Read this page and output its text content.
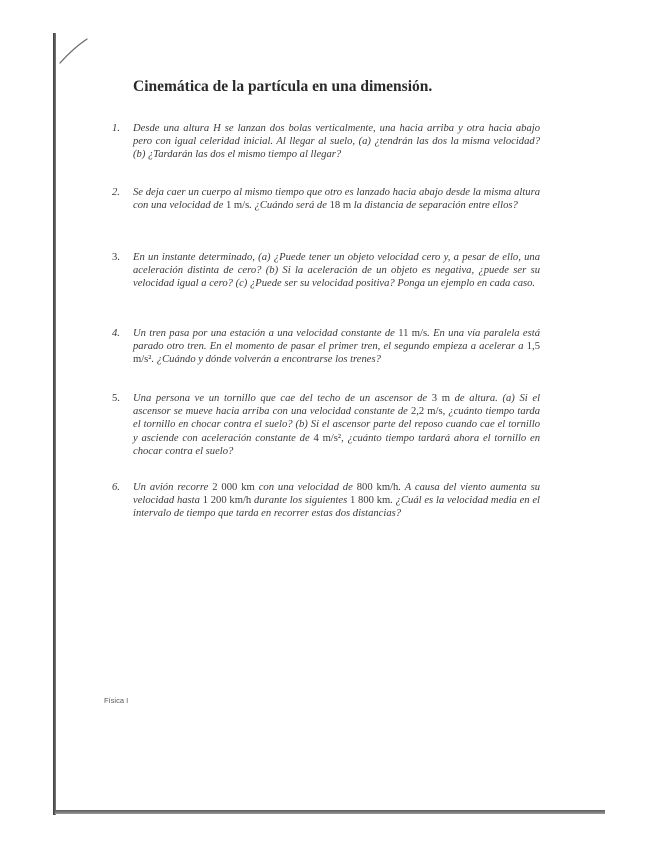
Cinemática de la partícula en una dimensión.
1.	Desde una altura H se lanzan dos bolas verticalmente, una hacia arriba y otra hacia abajo pero con igual celeridad inicial. Al llegar al suelo, (a) ¿tendrán las dos la misma velocidad? (b) ¿Tardarán las dos el mismo tiempo al llegar?
2.	Se deja caer un cuerpo al mismo tiempo que otro es lanzado hacia abajo desde la misma altura con una velocidad de 1 m/s. ¿Cuándo será de 18 m la distancia de separación entre ellos?
3.	En un instante determinado, (a) ¿Puede tener un objeto velocidad cero y, a pesar de ello, una aceleración distinta de cero? (b) Si la aceleración de un objeto es negativa, ¿puede ser su velocidad igual a cero? (c) ¿Puede ser su velocidad positiva? Ponga un ejemplo en cada caso.
4.	Un tren pasa por una estación a una velocidad constante de 11 m/s. En una vía paralela está parado otro tren. En el momento de pasar el primer tren, el segundo empieza a acelerar a 1,5 m/s². ¿Cuándo y dónde volverán a encontrarse los trenes?
5.	Una persona ve un tornillo que cae del techo de un ascensor de 3 m de altura. (a) Si el ascensor se mueve hacia arriba con una velocidad constante de 2,2 m/s, ¿cuánto tiempo tarda el tornillo en chocar contra el suelo? (b) Si el ascensor parte del reposo cuando cae el tornillo y asciende con aceleración constante de 4 m/s², ¿cuánto tiempo tardará ahora el tornillo en chocar contra el suelo?
6.	Un avión recorre 2 000 km con una velocidad de 800 km/h. A causa del viento aumenta su velocidad hasta 1 200 km/h durante los siguientes 1 800 km. ¿Cuál es la velocidad media en el intervalo de tiempo que tarda en recorrer estas dos distancias?
Física I
